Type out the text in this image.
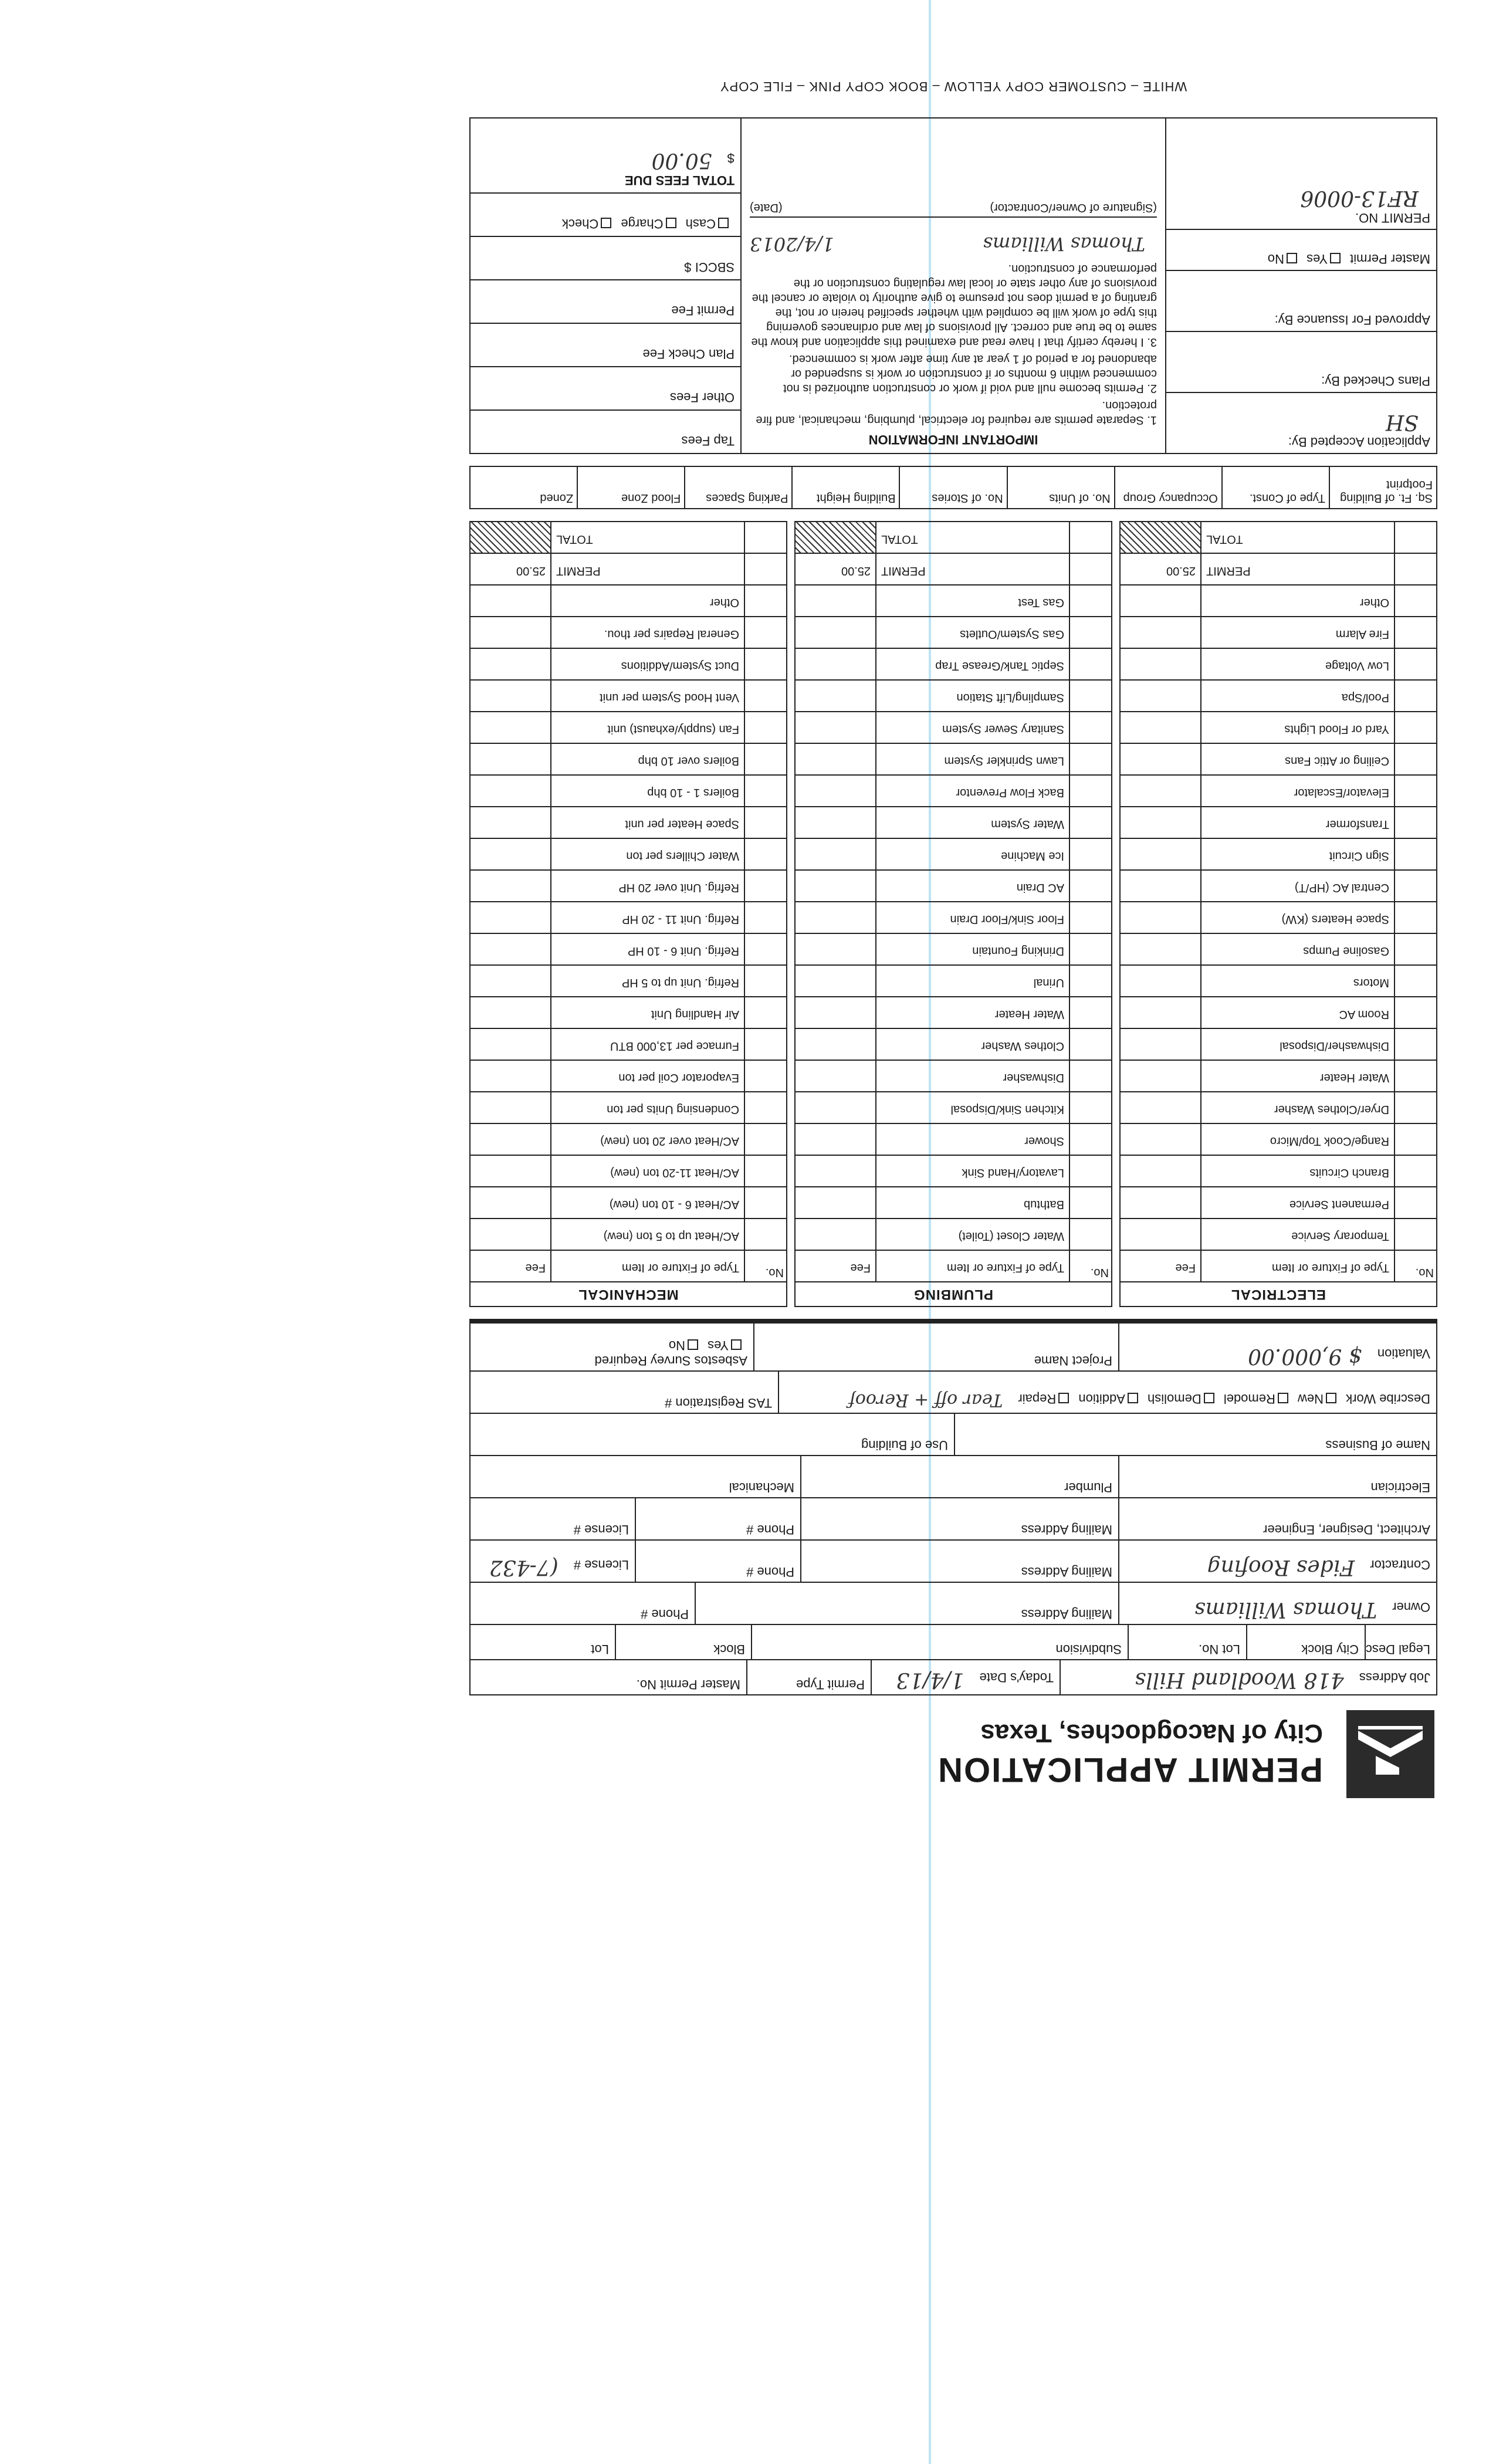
PERMIT APPLICATION
City of Nacogdoches, Texas
Job Address 418 Woodland Hills
Today's Date 1/4/13
Permit Type
Master Permit No.
Legal Desc
City Block
Lot No.
Subdivision
Block
Lot
Owner Thomas Williams
Mailing Address
Phone #
Contractor Fides Roofing
Mailing Address
Phone #
License # (7-432
Architect, Designer, Engineer
Mailing Address
Phone #
License #
Electrician
Plumber
Mechanical
Name of Business
Use of Building
Describe Work New Remodel Demolish Addition Repair Tear off + Reroof
TAS Registration #
Valuation $ 9,000.00
Project Name
Asbestos Survey Required
Yes No
ELECTRICAL
No.
Type of Fixture or Item
Fee
Temporary Service
Permanent Service
Branch Circuits
Range/Cook Top/Micro
Dryer/Clothes Washer
Water Heater
Dishwasher/Disposal
Room AC
Motors
Gasoline Pumps
Space Heaters (KW)
Central AC (HP/T)
Sign Circuit
Transformer
Elevator/Escalator
Ceiling or Attic Fans
Yard or Flood Lights
Pool/Spa
Low Voltage
Fire Alarm
Other
PERMIT
25.00
TOTAL
PLUMBING
No.
Type of Fixture or Item
Fee
Water Closet (Toilet)
Bathtub
Lavatory/Hand Sink
Shower
Kitchen Sink/Disposal
Dishwasher
Clothes Washer
Water Heater
Urinal
Drinking Fountain
Floor Sink/Floor Drain
AC Drain
Ice Machine
Water System
Back Flow Preventor
Lawn Sprinkler System
Sanitary Sewer System
Sampling/Lift Station
Septic Tank/Grease Trap
Gas System/Outlets
Gas Test
PERMIT
25.00
TOTAL
MECHANICAL
No.
Type of Fixture or Item
Fee
AC/Heat up to 5 ton (new)
AC/Heat 6 - 10 ton (new)
AC/Heat 11-20 ton (new)
AC/Heat over 20 ton (new)
Condensing Units per ton
Evaporator Coil per ton
Furnace per 13,000 BTU
Air Handling Unit
Refrig. Unit up to 5 HP
Refrig. Unit 6 - 10 HP
Refrig. Unit 11 - 20 HP
Refrig. Unit over 20 HP
Water Chillers per ton
Space Heater per unit
Boilers 1 - 10 bhp
Boilers over 10 bhp
Fan (supply/exhaust) unit
Vent Hood System per unit
Duct System/Additions
General Repairs per thou.
Other
PERMIT
25.00
TOTAL
Sq. Ft. of Building Footprint
Type of Const.
Occupancy Group
No. of Units
No. of Stories
Building Height
Parking Spaces
Flood Zone
Zoned
Application Accepted By:
SH
Plans Checked By:
Approved For Issuance By:
Master Permit Yes No
PERMIT NO.
RF13-0006
IMPORTANT INFORMATION

1. Separate permits are required for electrical, plumbing, mechanical, and fire protection.

2. Permits become null and void if work or construction authorized is not commenced within 6 months or if construction or work is suspended or abandoned for a period of 1 year at any time after work is commenced.

3. I hereby certify that I have read and examined this application and know the same to be true and correct. All provisions of law and ordinances governing this type of work will be complied with whether specified herein or not, the granting of a permit does not presume to give authority to violate or cancel the provisions of any other state or local law regulating construction or the performance of construction.

Thomas Williams
1/4/2013
(Signature of Owner/Contractor)
(Date)
Tap Fees
Other Fees
Plan Check Fee
Permit Fee
SBCCI $
Cash Charge Check
TOTAL FEES DUE
$ 50.00
WHITE – CUSTOMER COPY YELLOW – BOOK COPY PINK – FILE COPY
